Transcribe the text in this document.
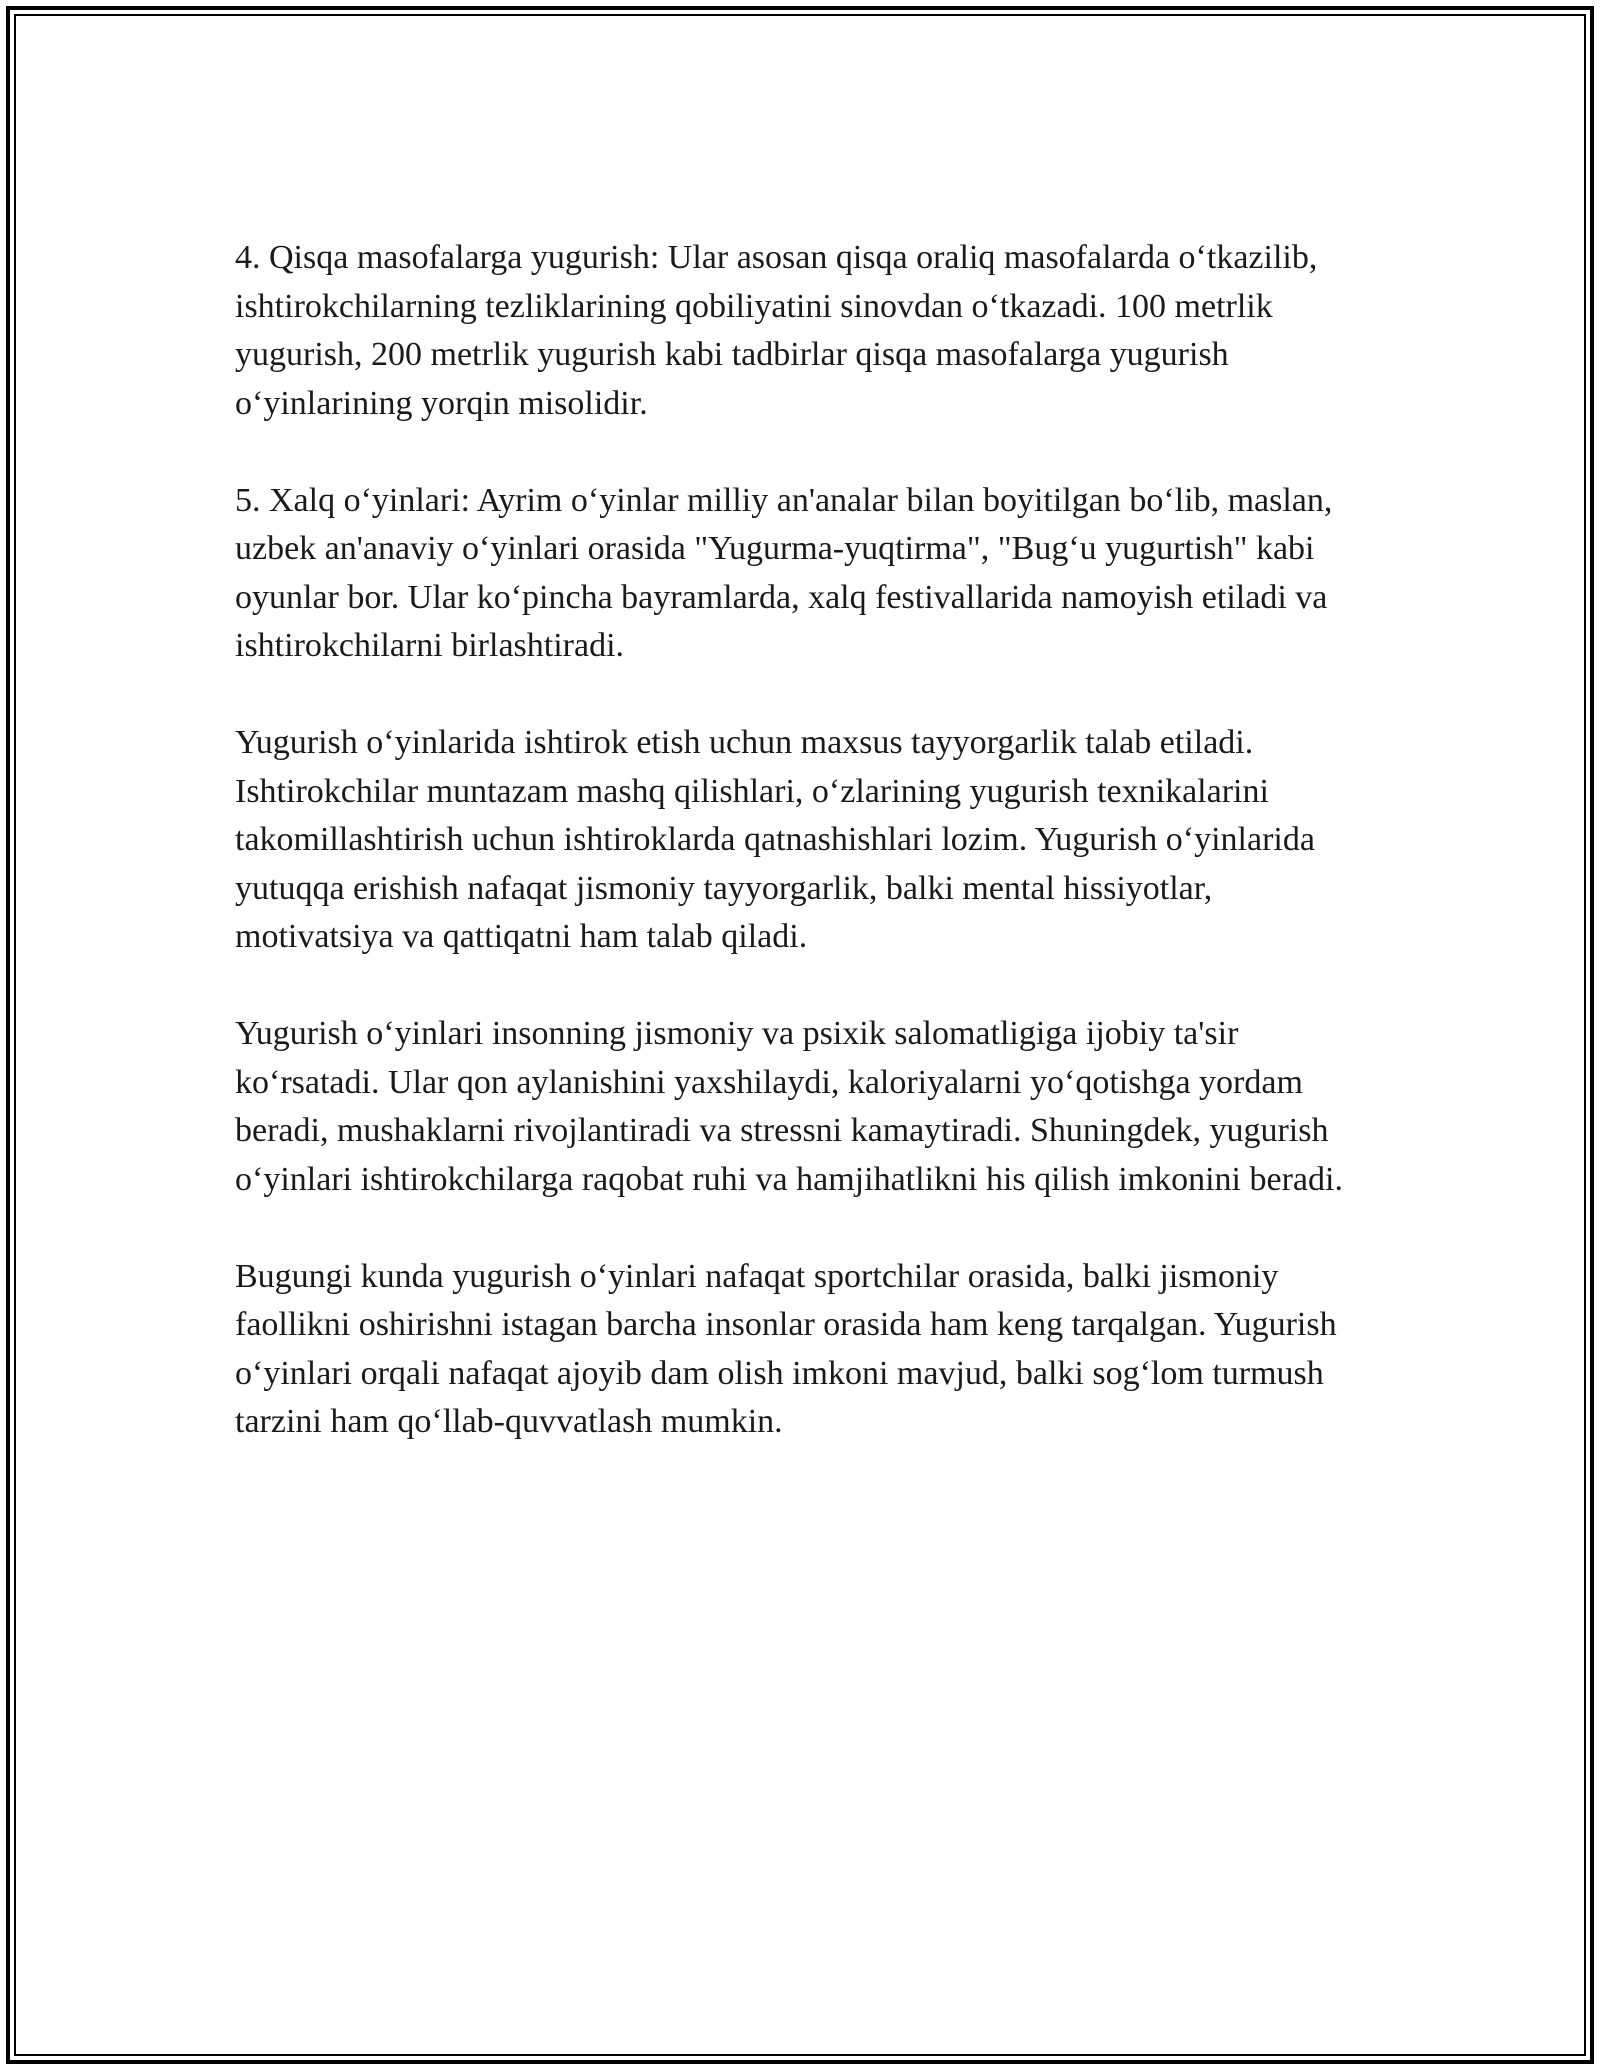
4. Qisqa masofalarga yugurish: Ular asosan qisqa oraliq masofalarda o‘tkazilib, ishtirokchilarning tezliklarining qobiliyatini sinovdan o‘tkazadi. 100 metrlik yugurish, 200 metrlik yugurish kabi tadbirlar qisqa masofalarga yugurish o‘yinlarining yorqin misolidir.

5. Xalq o‘yinlari: Ayrim o‘yinlar milliy an'analar bilan boyitilgan bo‘lib, maslan, uzbek an'anaviy o‘yinlari orasida "Yugurma-yuqtirma", "Bug‘u yugurtish" kabi oyunlar bor. Ular ko‘pincha bayramlarda, xalq festivallarida namoyish etiladi va ishtirokchilarni birlashtiradi.

Yugurish o‘yinlarida ishtirok etish uchun maxsus tayyorgarlik talab etiladi. Ishtirokchilar muntazam mashq qilishlari, o‘zlarining yugurish texnikalarini takomillashtirish uchun ishtiroklarda qatnashishlari lozim. Yugurish o‘yinlarida yutuqqa erishish nafaqat jismoniy tayyorgarlik, balki mental hissiyotlar, motivatsiya va qattiqatni ham talab qiladi.

Yugurish o‘yinlari insonning jismoniy va psixik salomatligiga ijobiy ta'sir ko‘rsatadi. Ular qon aylanishini yaxshilaydi, kaloriyalarni yo‘qotishga yordam beradi, mushaklarni rivojlantiradi va stressni kamaytiradi. Shuningdek, yugurish o‘yinlari ishtirokchilarga raqobat ruhi va hamjihatlikni his qilish imkonini beradi.

Bugungi kunda yugurish o‘yinlari nafaqat sportchilar orasida, balki jismoniy faollikni oshirishni istagan barcha insonlar orasida ham keng tarqalgan. Yugurish o‘yinlari orqali nafaqat ajoyib dam olish imkoni mavjud, balki sog‘lom turmush tarzini ham qo‘llab-quvvatlash mumkin.
